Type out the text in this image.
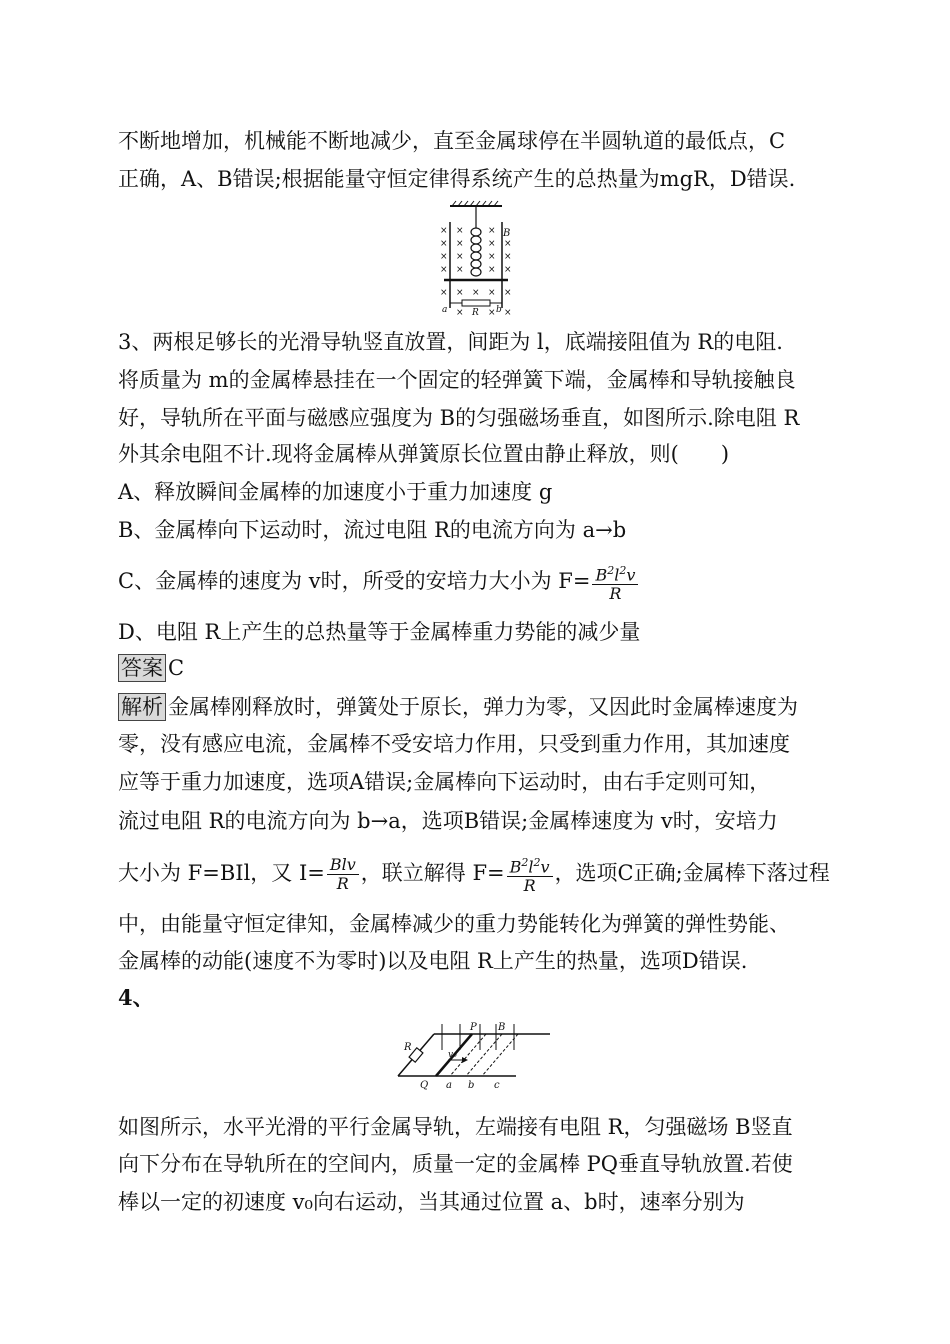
不断地增加，机械能不断地减少，直至金属球停在半圆轨道的最低点，C
正确，A、B错误;根据能量守恒定律得系统产生的总热量为mgR，D错误.
× ×	×
× ×	× ×
× ×	× ×
× ×	× ×
× × × × ×
×	× ×
B
a	R b
3、两根足够长的光滑导轨竖直放置，间距为 l，底端接阻值为 R的电阻.
将质量为 m的金属棒悬挂在一个固定的轻弹簧下端，金属棒和导轨接触良
好，导轨所在平面与磁感应强度为 B的匀强磁场垂直，如图所示.除电阻 R
外其余电阻不计.现将金属棒从弹簧原长位置由静止释放，则(　　)
A、释放瞬间金属棒的加速度小于重力加速度 g
B、金属棒向下运动时，流过电阻 R的电流方向为 a→b
C、金属棒的速度为 v时，所受的安培力大小为 $F= \frac{B^2l^2v}{R}$
D、电阻 R上产生的总热量等于金属棒重力势能的减少量
答案 C
解析 金属棒刚释放时，弹簧处于原长，弹力为零，又因此时金属棒速度为
零，没有感应电流，金属棒不受安培力作用，只受到重力作用，其加速度
应等于重力加速度，选项A错误;金属棒向下运动时，由右手定则可知，
流过电阻 R的电流方向为 b→a，选项B错误;金属棒速度为 v时，安培力
大小为 F=BIl，又 $I= \frac{\text{Blv}}{R}$ ，联立解得 $F= \frac{B^2l^2v}{R}$ ，选项C正确;金属棒下落过程
中，由能量守恒定律知，金属棒减少的重力势能转化为弹簧的弹性势能、
金属棒的动能(速度不为零时)以及电阻 R上产生的热量，选项D错误.
4、
R
P B
v₀
Q a b c
如图所示，水平光滑的平行金属导轨，左端接有电阻 R，匀强磁场 B竖直
向下分布在导轨所在的空间内，质量一定的金属棒 PQ垂直导轨放置.若使
棒以一定的初速度 v₀向右运动，当其通过位置 a、b时，速率分别为
